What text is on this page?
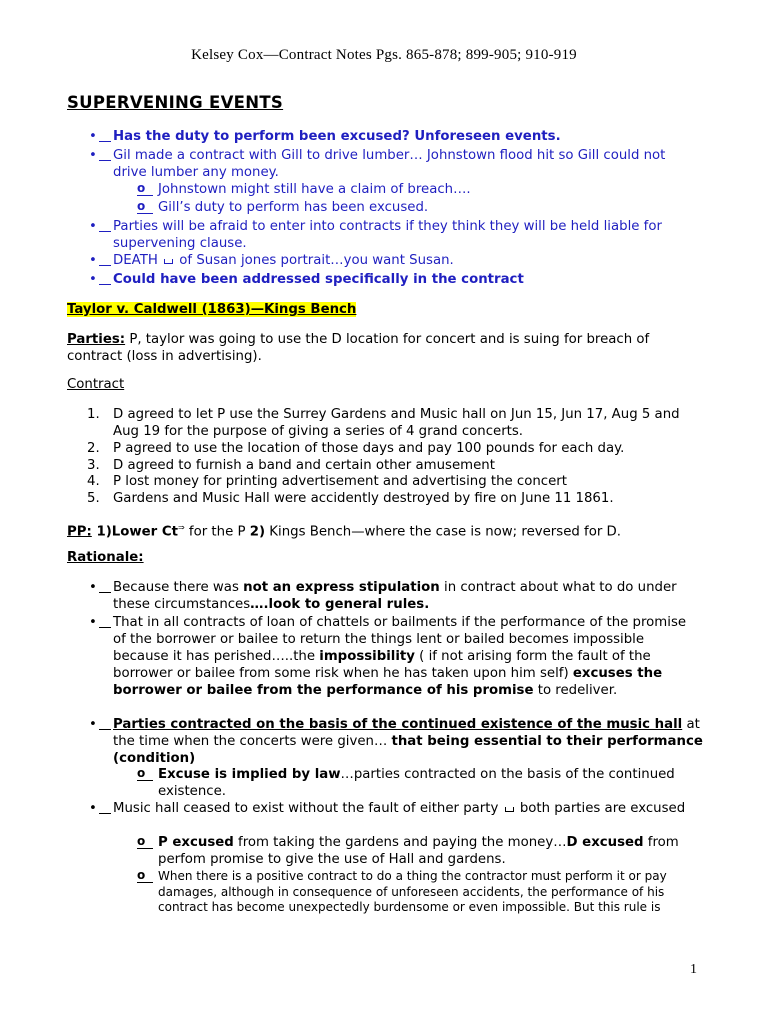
Kelsey Cox—Contract Notes Pgs. 865-878; 899-905; 910-919
SUPERVENING EVENTS
Has the duty to perform been excused? Unforeseen events.
Gil made a contract with Gill to drive lumber… Johnstown flood hit so Gill could not drive lumber any money.
Johnstown might still have a claim of breach….
Gill’s duty to perform has been excused.
Parties will be afraid to enter into contracts if they think they will be held liable for supervening clause.
DEATH of Susan jones portrait…you want Susan.
Could have been addressed specifically in the contract
Taylor v. Caldwell (1863)—Kings Bench
Parties: P, taylor was going to use the D location for concert and is suing for breach of contract (loss in advertising).
Contract
1. D agreed to let P use the Surrey Gardens and Music hall on Jun 15, Jun 17, Aug 5 and Aug 19 for the purpose of giving a series of 4 grand concerts.
2. P agreed to use the location of those days and pay 100 pounds for each day.
3. D agreed to furnish a band and certain other amusement
4. P lost money for printing advertisement and advertising the concert
5. Gardens and Music Hall were accidently destroyed by fire on June 11 1861.
PP: 1)Lower Ct⇒ for the P 2) Kings Bench—where the case is now; reversed for D.
Rationale:
Because there was not an express stipulation in contract about what to do under these circumstances….look to general rules.
That in all contracts of loan of chattels or bailments if the performance of the promise of the borrower or bailee to return the things lent or bailed becomes impossible because it has perished…..the impossibility ( if not arising form the fault of the borrower or bailee from some risk when he has taken upon him self) excuses the borrower or bailee from the performance of his promise to redeliver.
Parties contracted on the basis of the continued existence of the music hall at the time when the concerts were given… that being essential to their performance (condition)
Excuse is implied by law…parties contracted on the basis of the continued existence.
Music hall ceased to exist without the fault of either party both parties are excused
P excused from taking the gardens and paying the money…D excused from perfom promise to give the use of Hall and gardens.
When there is a positive contract to do a thing the contractor must perform it or pay damages, although in consequence of unforeseen accidents, the performance of his contract has become unexpectedly burdensome or even impossible. But this rule is
1
